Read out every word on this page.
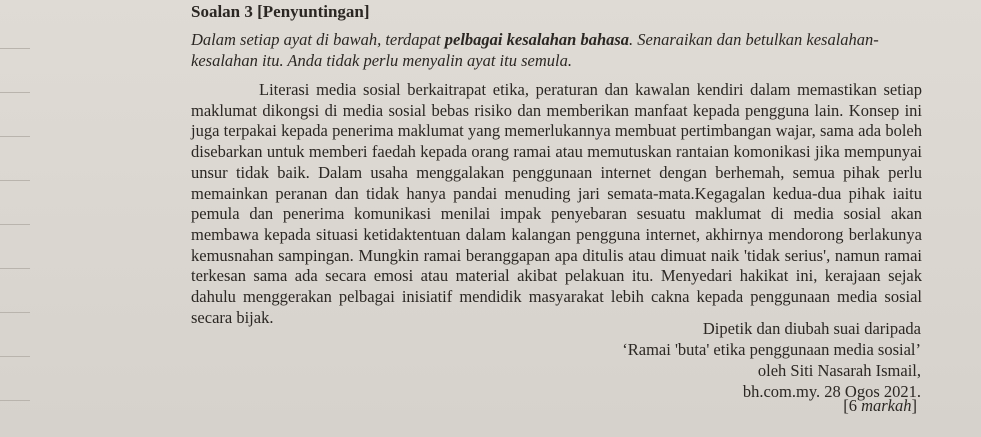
Soalan 3 [Penyuntingan]
Dalam setiap ayat di bawah, terdapat pelbagai kesalahan bahasa. Senaraikan dan betulkan kesalahan-kesalahan itu. Anda tidak perlu menyalin ayat itu semula.

Literasi media sosial berkaitrapat etika, peraturan dan kawalan kendiri dalam memastikan setiap maklumat dikongsi di media sosial bebas risiko dan memberikan manfaat kepada pengguna lain. Konsep ini juga terpakai kepada penerima maklumat yang memerlukannya membuat pertimbangan wajar, sama ada boleh disebarkan untuk memberi faedah kepada orang ramai atau memutuskan rantaian komonikasi jika mempunyai unsur tidak baik. Dalam usaha menggalakan penggunaan internet dengan berhemah, semua pihak perlu memainkan peranan dan tidak hanya pandai menuding jari semata-mata.Kegagalan kedua-dua pihak iaitu pemula dan penerima komunikasi menilai impak penyebaran sesuatu maklumat di media sosial akan membawa kepada situasi ketidaktentuan dalam kalangan pengguna internet, akhirnya mendorong berlakunya kemusnahan sampingan. Mungkin ramai beranggapan apa ditulis atau dimuat naik 'tidak serius', namun ramai terkesan sama ada secara emosi atau material akibat pelakuan itu. Menyedari hakikat ini, kerajaan sejak dahulu menggerakan pelbagai inisiatif mendidik masyarakat lebih cakna kepada penggunaan media sosial secara bijak.

Dipetik dan diubah suai daripada
‘Ramai 'buta' etika penggunaan media sosial’
oleh Siti Nasarah Ismail,
bh.com.my. 28 Ogos 2021.
[6 markah]
